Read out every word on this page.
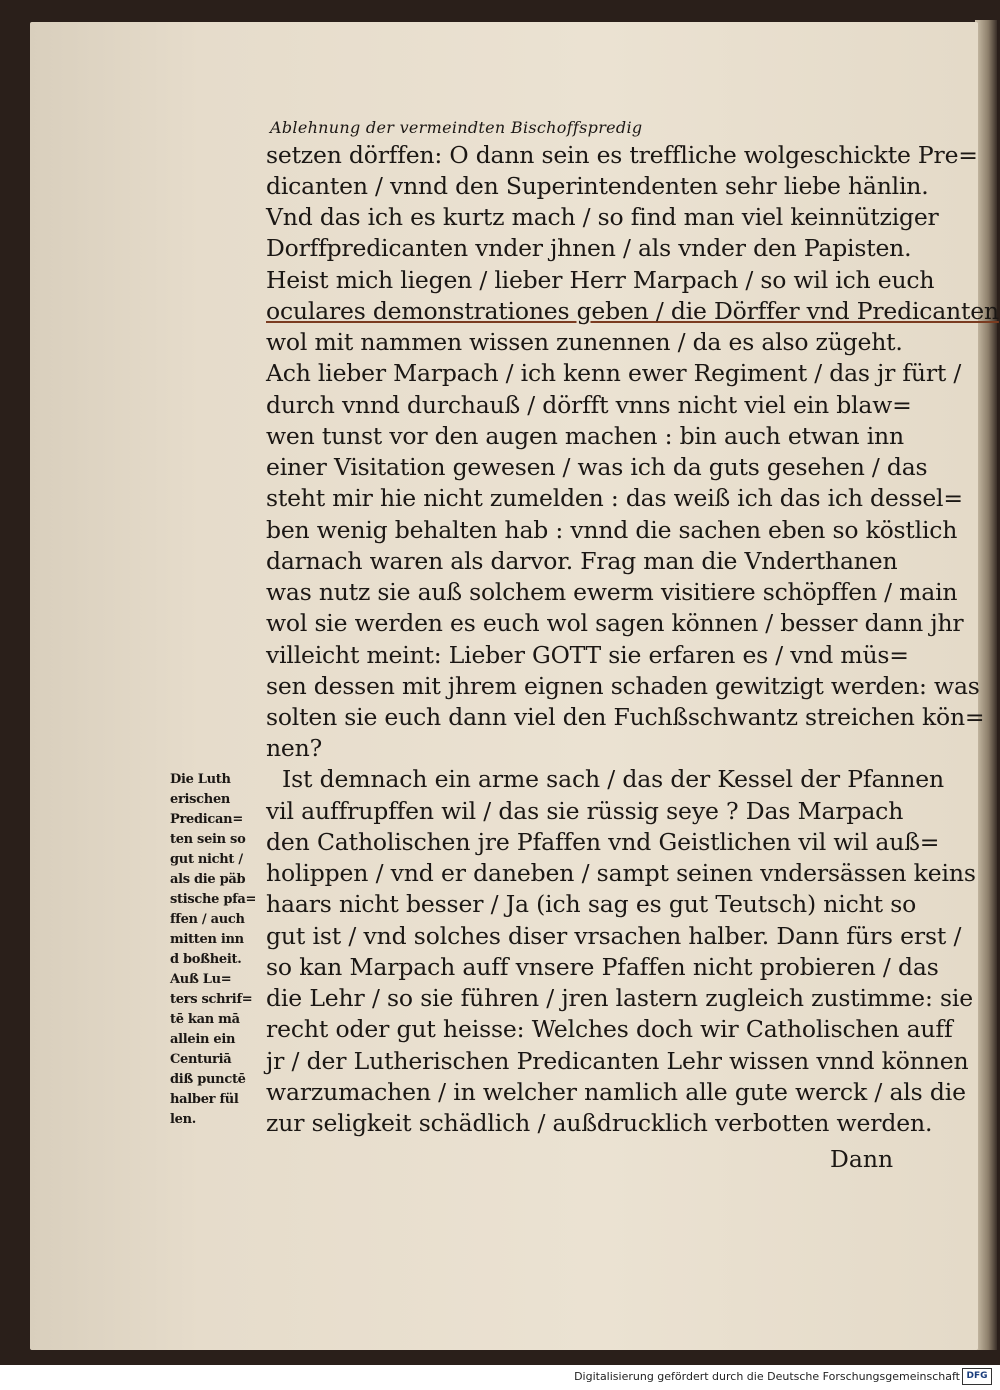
Ablehnung der vermeindten Bischoffspredig
setzen dörffen: O dann sein es treffliche wolgeschickte Pre=
dicanten / vnnd den Superintendenten sehr liebe hänlin.
Vnd das ich es kurtz mach / so find man viel keinnütziger
Dorffpredicanten vnder jhnen / als vnder den Papisten.
Heist mich liegen / lieber Herr Marpach / so wil ich euch
oculares demonstrationes geben / die Dörffer vnd Predicanten
wol mit nammen wissen zunennen / da es also zügeht.
Ach lieber Marpach / ich kenn ewer Regiment / das jr fürt /
durch vnnd durchauß / dörfft vnns nicht viel ein blaw=
wen tunst vor den augen machen : bin auch etwan inn
einer Visitation gewesen / was ich da guts gesehen / das
steht mir hie nicht zumelden : das weiß ich das ich dessel=
ben wenig behalten hab : vnnd die sachen eben so köstlich
darnach waren als darvor. Frag man die Vnderthanen
was nutz sie auß solchem ewerm visitiere schöpffen / main
wol sie werden es euch wol sagen können / besser dann jhr
villeicht meint: Lieber GOTT sie erfaren es / vnd müs=
sen dessen mit jhrem eignen schaden gewitzigt werden: was
solten sie euch dann viel den Fuchßschwantz streichen kön=
nen?
Ist demnach ein arme sach / das der Kessel der Pfannen
vil auffrupffen wil / das sie rüssig seye ? Das Marpach
den Catholischen jre Pfaffen vnd Geistlichen vil wil auß=
holippen / vnd er daneben / sampt seinen vndersässen keins
haars nicht besser / Ja (ich sag es gut Teutsch) nicht so
gut ist / vnd solches diser vrsachen halber. Dann fürs erst /
so kan Marpach auff vnsere Pfaffen nicht probieren / das
die Lehr / so sie führen / jren lastern zugleich zustimme: sie
recht oder gut heisse: Welches doch wir Catholischen auff
jr / der Lutherischen Predicanten Lehr wissen vnnd können
warzumachen / in welcher namlich alle gute werck / als die
zur seligkeit schädlich / außdrucklich verbotten werden.
Dann
Die Luth
erischen
Predican=
ten sein so
gut nicht /
als die päb
stische pfa=
ffen / auch
mitten inn
d boßheit.
Auß Lu=
ters schrif=
tē kan mā
allein ein
Centuriā
diß punctē
halber fül
len.
Digitalisierung gefördert durch die Deutsche Forschungsgemeinschaft DFG
